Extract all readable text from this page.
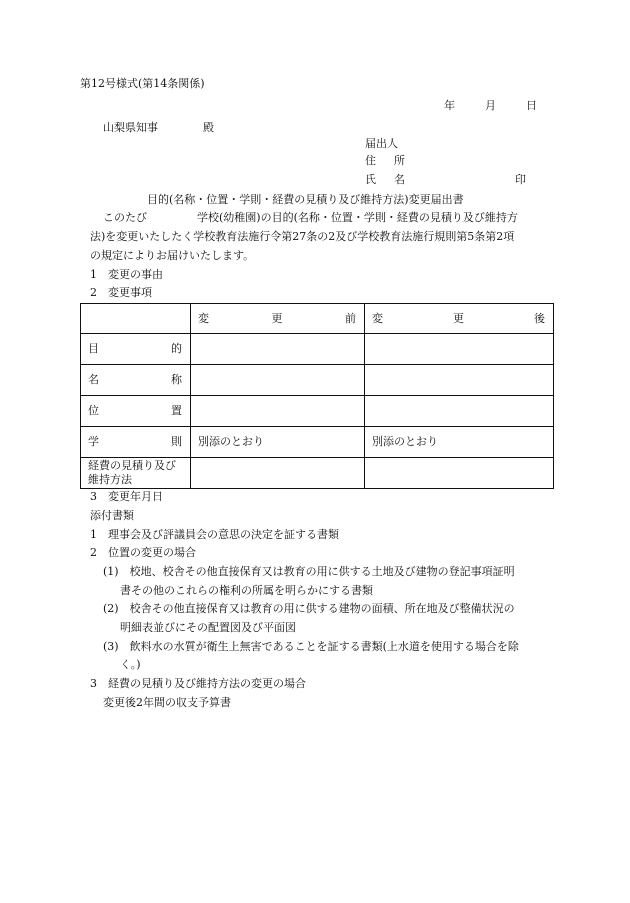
第12号様式(第14条関係)
年	月	日
山梨県知事	殿
届出人
住 所
氏 名	印
目的(名称・位置・学則・経費の見積り及び維持方法)変更届出書
このたび	学校(幼稚園)の目的(名称・位置・学則・経費の見積り及び維持方
法)を変更いたしたく学校教育法施行令第27条の2及び学校教育法施行規則第5条第2項
の規定によりお届けいたします。
1　変更の事由
2　変更事項

	変 更 前	変 更 後

目 的		

名 称		

位 置		

学 則	別添のとおり	別添のとおり
経費の見積り及び維持方法		
3　変更年月日
添付書類
1　理事会及び評議員会の意思の決定を証する書類
2　位置の変更の場合
(1)　校地、校舎その他直接保育又は教育の用に供する土地及び建物の登記事項証明
書その他のこれらの権利の所属を明らかにする書類
(2)　校舎その他直接保育又は教育の用に供する建物の面積、所在地及び整備状況の
明細表並びにその配置図及び平面図
(3)　飲料水の水質が衛生上無害であることを証する書類(上水道を使用する場合を除
く。)
3　経費の見積り及び維持方法の変更の場合
変更後2年間の収支予算書
